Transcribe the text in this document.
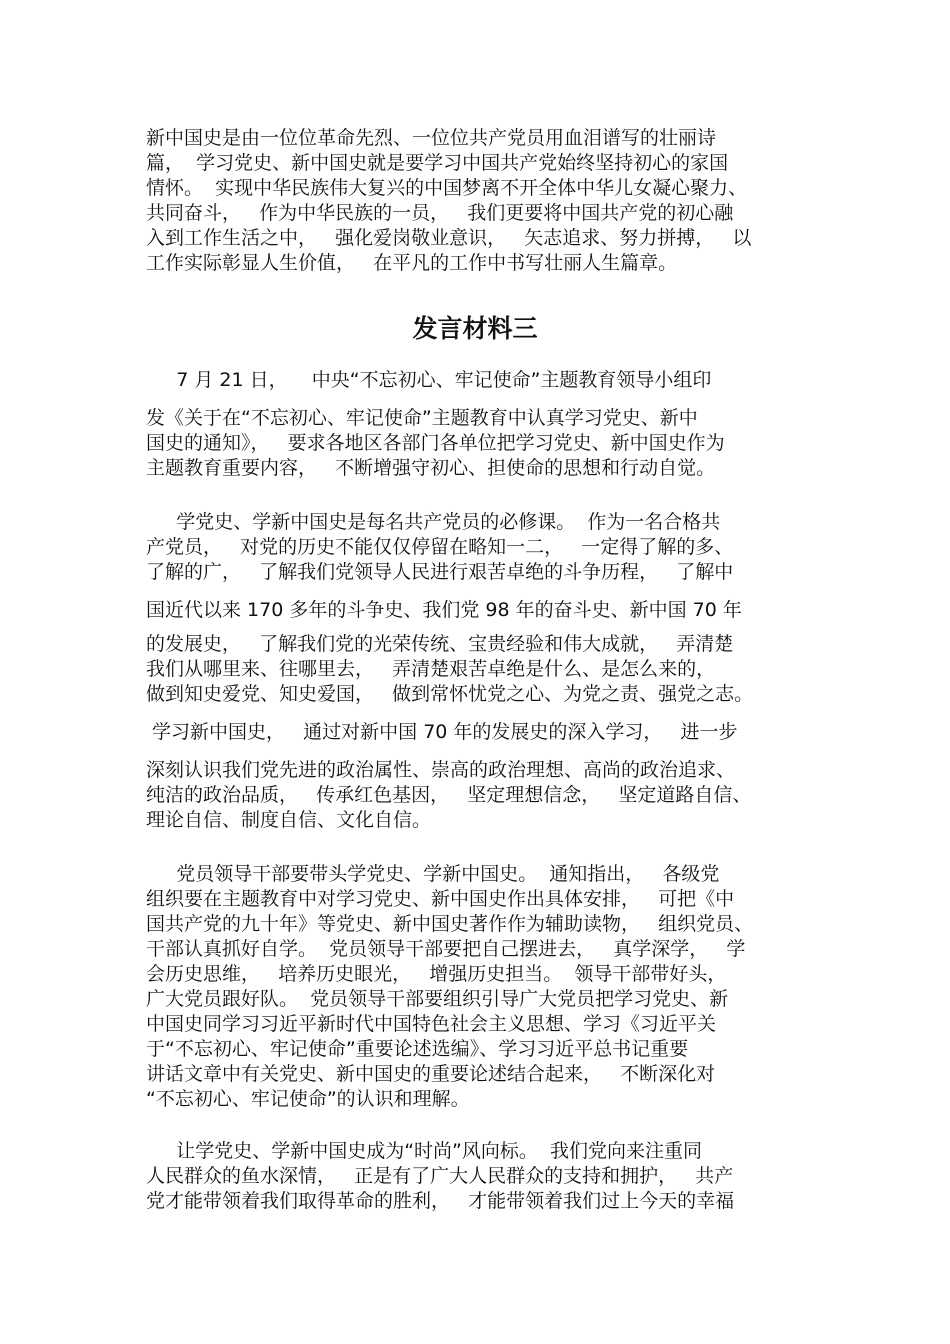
新中国史是由一位位革命先烈、一位位共产党员用血泪谱写的壮丽诗
篇，  学习党史、新中国史就是要学习中国共产党始终坚持初心的家国
情怀。  实现中华民族伟大复兴的中国梦离不开全体中华儿女凝心聚力、
共同奋斗，   作为中华民族的一员，   我们更要将中国共产党的初心融
入到工作生活之中，   强化爱岗敬业意识，   矢志追求、努力拼搏，   以
工作实际彰显人生价值，   在平凡的工作中书写壮丽人生篇章。
发言材料三
7 月 21 日，    中央“不忘初心、牢记使命”主题教育领导小组印
发《关于在“不忘初心、牢记使命”主题教育中认真学习党史、新中
国史的通知》，   要求各地区各部门各单位把学习党史、新中国史作为
主题教育重要内容，   不断增强守初心、担使命的思想和行动自觉。
学党史、学新中国史是每名共产党员的必修课。  作为一名合格共
产党员，   对党的历史不能仅仅停留在略知一二，   一定得了解的多、
了解的广，   了解我们党领导人民进行艰苦卓绝的斗争历程，   了解中
国近代以来 170 多年的斗争史、我们党 98 年的奋斗史、新中国 70 年
的发展史，   了解我们党的光荣传统、宝贵经验和伟大成就，   弄清楚
我们从哪里来、往哪里去，   弄清楚艰苦卓绝是什么、是怎么来的，
做到知史爱党、知史爱国，   做到常怀忧党之心、为党之责、强党之志。
学习新中国史，   通过对新中国 70 年的发展史的深入学习，   进一步
深刻认识我们党先进的政治属性、崇高的政治理想、高尚的政治追求、
纯洁的政治品质，   传承红色基因，   坚定理想信念，   坚定道路自信、
理论自信、制度自信、文化自信。
党员领导干部要带头学党史、学新中国史。  通知指出，   各级党
组织要在主题教育中对学习党史、新中国史作出具体安排，   可把《中
国共产党的九十年》等党史、新中国史著作作为辅助读物，   组织党员、
干部认真抓好自学。  党员领导干部要把自己摆进去，   真学深学，   学
会历史思维，   培养历史眼光，   增强历史担当。  领导干部带好头，
广大党员跟好队。  党员领导干部要组织引导广大党员把学习党史、新
中国史同学习习近平新时代中国特色社会主义思想、学习《习近平关
于“不忘初心、牢记使命”重要论述选编》、学习习近平总书记重要
讲话文章中有关党史、新中国史的重要论述结合起来，   不断深化对
“不忘初心、牢记使命”的认识和理解。
让学党史、学新中国史成为“时尚”风向标。  我们党向来注重同
人民群众的鱼水深情，   正是有了广大人民群众的支持和拥护，   共产
党才能带领着我们取得革命的胜利，   才能带领着我们过上今天的幸福
